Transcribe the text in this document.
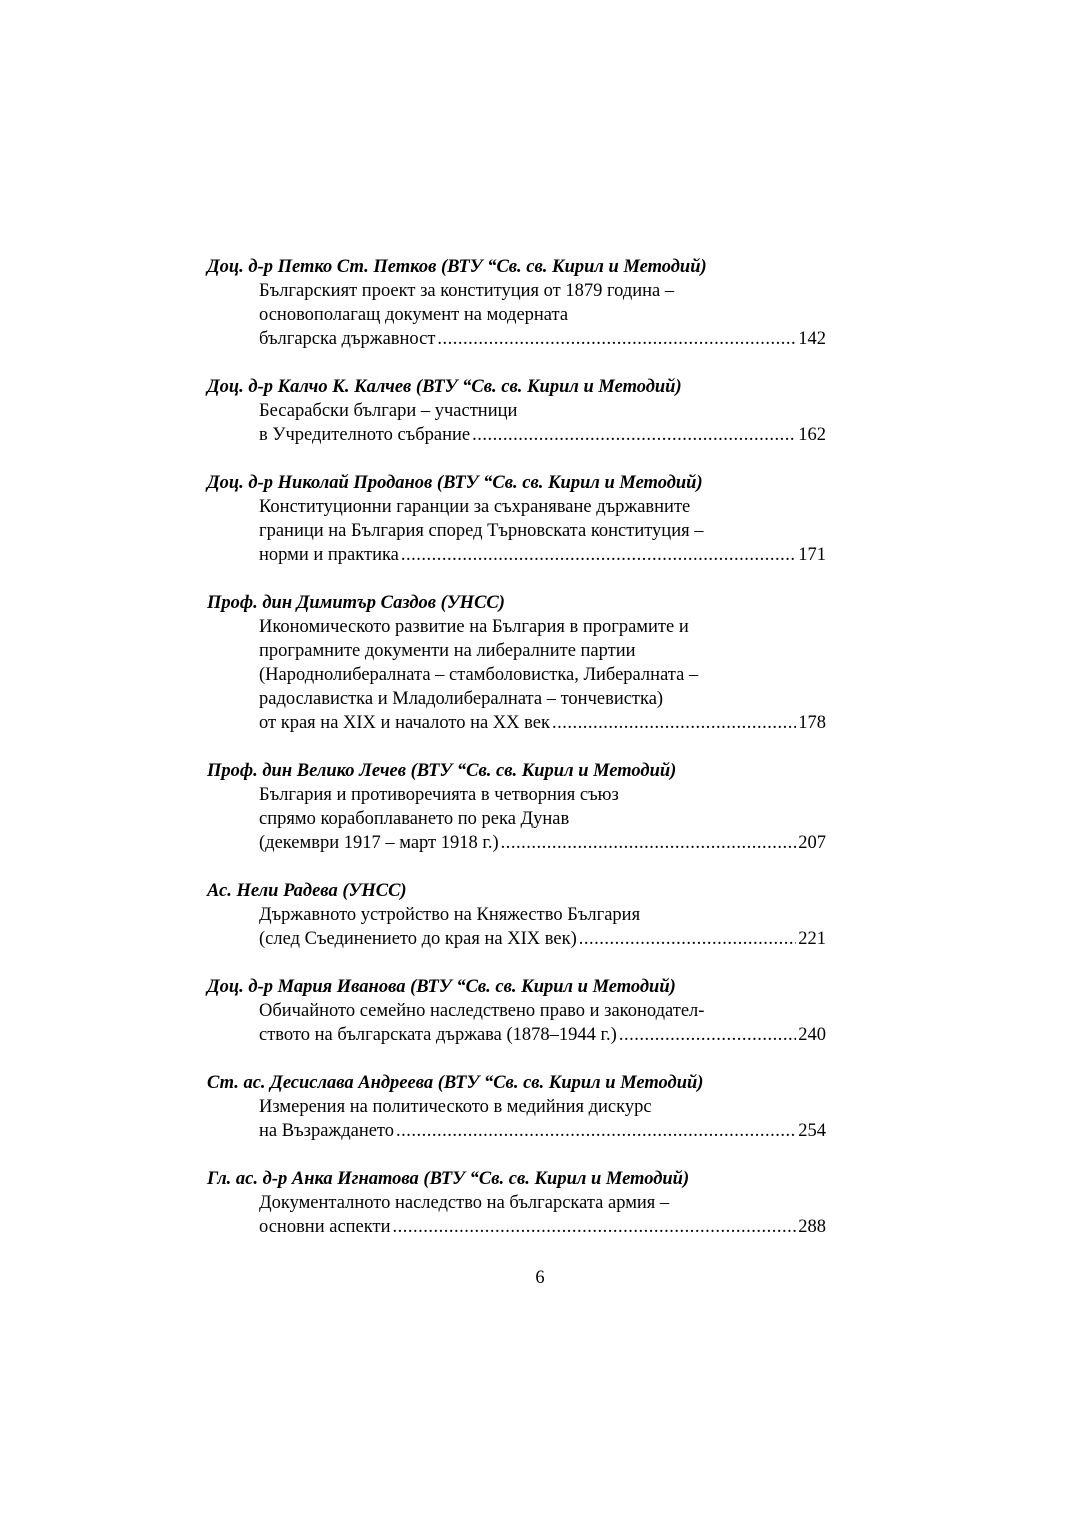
Доц. д-р Петко Ст. Петков (ВТУ “Св. св. Кирил и Методий)
Българският проект за конституция от 1879 година –
основополагащ документ на модерната
българска държавност .....	142
Доц. д-р Калчо К. Калчев (ВТУ “Св. св. Кирил и Методий)
Бесарабски българи – участници
в Учредителното събрание .....	162
Доц. д-р Николай Проданов (ВТУ “Св. св. Кирил и Методий)
Конституционни гаранции за съхраняване държавните
граници на България според Търновската конституция –
норми и практика .....	171
Проф. дин Димитър Саздов (УНСС)
Икономическото развитие на България в програмите и
програмните документи на либералните партии
(Народнолибералната – стамболовистка, Либералната –
радославистка и Младолибералната – тончевистка)
от края на XIX и началото на XX век .....	178
Проф. дин Велико Лечев (ВТУ “Св. св. Кирил и Методий)
България и противоречията в четворния съюз
спрямо корабоплаването по река Дунав
(декември 1917 – март 1918 г.) .....	207
Ас. Нели Радева (УНСС)
Държавното устройство на Княжество България
(след Съединението до края на XIX век) .....	221
Доц. д-р Мария Иванова (ВТУ “Св. св. Кирил и Методий)
Обичайното семейно наследствено право и законодател-
ството на българската държава (1878–1944 г.) .....	240
Ст. ас. Десислава Андреева (ВТУ “Св. св. Кирил и Методий)
Измерения на политическото в медийния дискурс
на Възраждането .....	254
Гл. ас. д-р Анка Игнатова (ВТУ “Св. св. Кирил и Методий)
Документалното наследство на българската армия –
основни аспекти .....	288
6
